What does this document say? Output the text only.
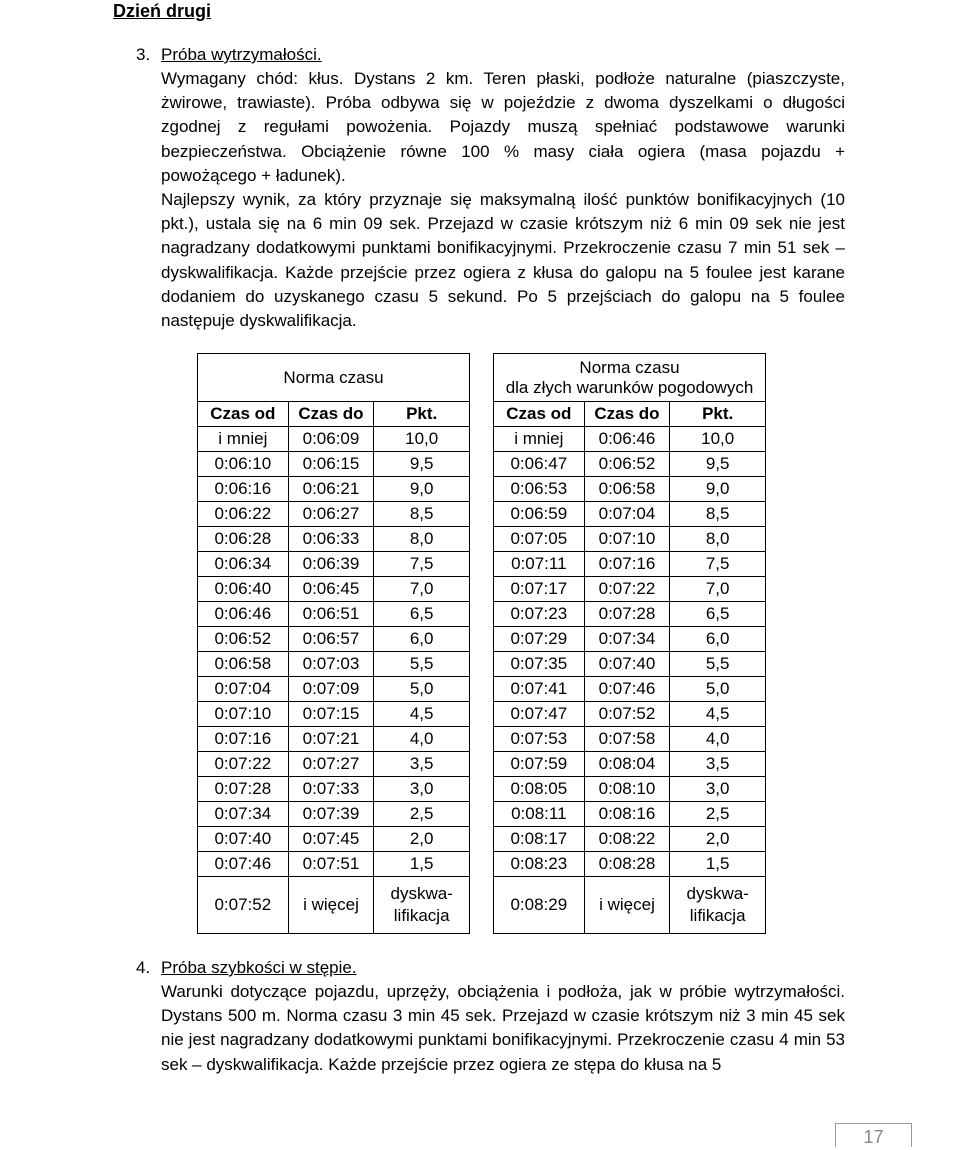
Dzień drugi
3. Próba wytrzymałości.

Wymagany chód: kłus. Dystans 2 km. Teren płaski, podłoże naturalne (piaszczyste, żwirowe, trawiaste). Próba odbywa się w pojeździe z dwoma dyszelkami o długości zgodnej z regułami powożenia. Pojazdy muszą spełniać podstawowe warunki bezpieczeństwa. Obciążenie równe 100 % masy ciała ogiera (masa pojazdu + powożącego + ładunek).

Najlepszy wynik, za który przyznaje się maksymalną ilość punktów bonifikacyjnych (10 pkt.), ustala się na 6 min 09 sek. Przejazd w czasie krótszym niż 6 min 09 sek nie jest nagradzany dodatkowymi punktami bonifikacyjnymi. Przekroczenie czasu 7 min 51 sek – dyskwalifikacja. Każde przejście przez ogiera z kłusa do galopu na 5 foulee jest karane dodaniem do uzyskanego czasu 5 sekund. Po 5 przejściach do galopu na 5 foulee następuje dyskwalifikacja.

Norma czasu		
Czas od	Czas do	Pkt.
i mniej	0:06:09	10,0
0:06:10	0:06:15	9,5
0:06:16	0:06:21	9,0
0:06:22	0:06:27	8,5
0:06:28	0:06:33	8,0
0:06:34	0:06:39	7,5
0:06:40	0:06:45	7,0
0:06:46	0:06:51	6,5
0:06:52	0:06:57	6,0
0:06:58	0:07:03	5,5
0:07:04	0:07:09	5,0
0:07:10	0:07:15	4,5
0:07:16	0:07:21	4,0
0:07:22	0:07:27	3,5
0:07:28	0:07:33	3,0
0:07:34	0:07:39	2,5
0:07:40	0:07:45	2,0
0:07:46	0:07:51	1,5
0:07:52	i więcej	dyskwa-
lifikacja
Norma czasu
dla złych warunków pogodowych		

Czas od	Czas do	Pkt.
i mniej	0:06:46	10,0
0:06:47	0:06:52	9,5
0:06:53	0:06:58	9,0
0:06:59	0:07:04	8,5
0:07:05	0:07:10	8,0
0:07:11	0:07:16	7,5
0:07:17	0:07:22	7,0
0:07:23	0:07:28	6,5
0:07:29	0:07:34	6,0
0:07:35	0:07:40	5,5
0:07:41	0:07:46	5,0
0:07:47	0:07:52	4,5
0:07:53	0:07:58	4,0
0:07:59	0:08:04	3,5
0:08:05	0:08:10	3,0
0:08:11	0:08:16	2,5
0:08:17	0:08:22	2,0
0:08:23	0:08:28	1,5
0:08:29	i więcej	dyskwa-
lifikacja
4. Próba szybkości w stępie.

Warunki dotyczące pojazdu, uprzęży, obciążenia i podłoża, jak w próbie wytrzymałości. Dystans 500 m. Norma czasu 3 min 45 sek. Przejazd w czasie krótszym niż 3 min 45 sek nie jest nagradzany dodatkowymi punktami bonifikacyjnymi. Przekroczenie czasu 4 min 53 sek – dyskwalifikacja. Każde przejście przez ogiera ze stępa do kłusa na 5

17
